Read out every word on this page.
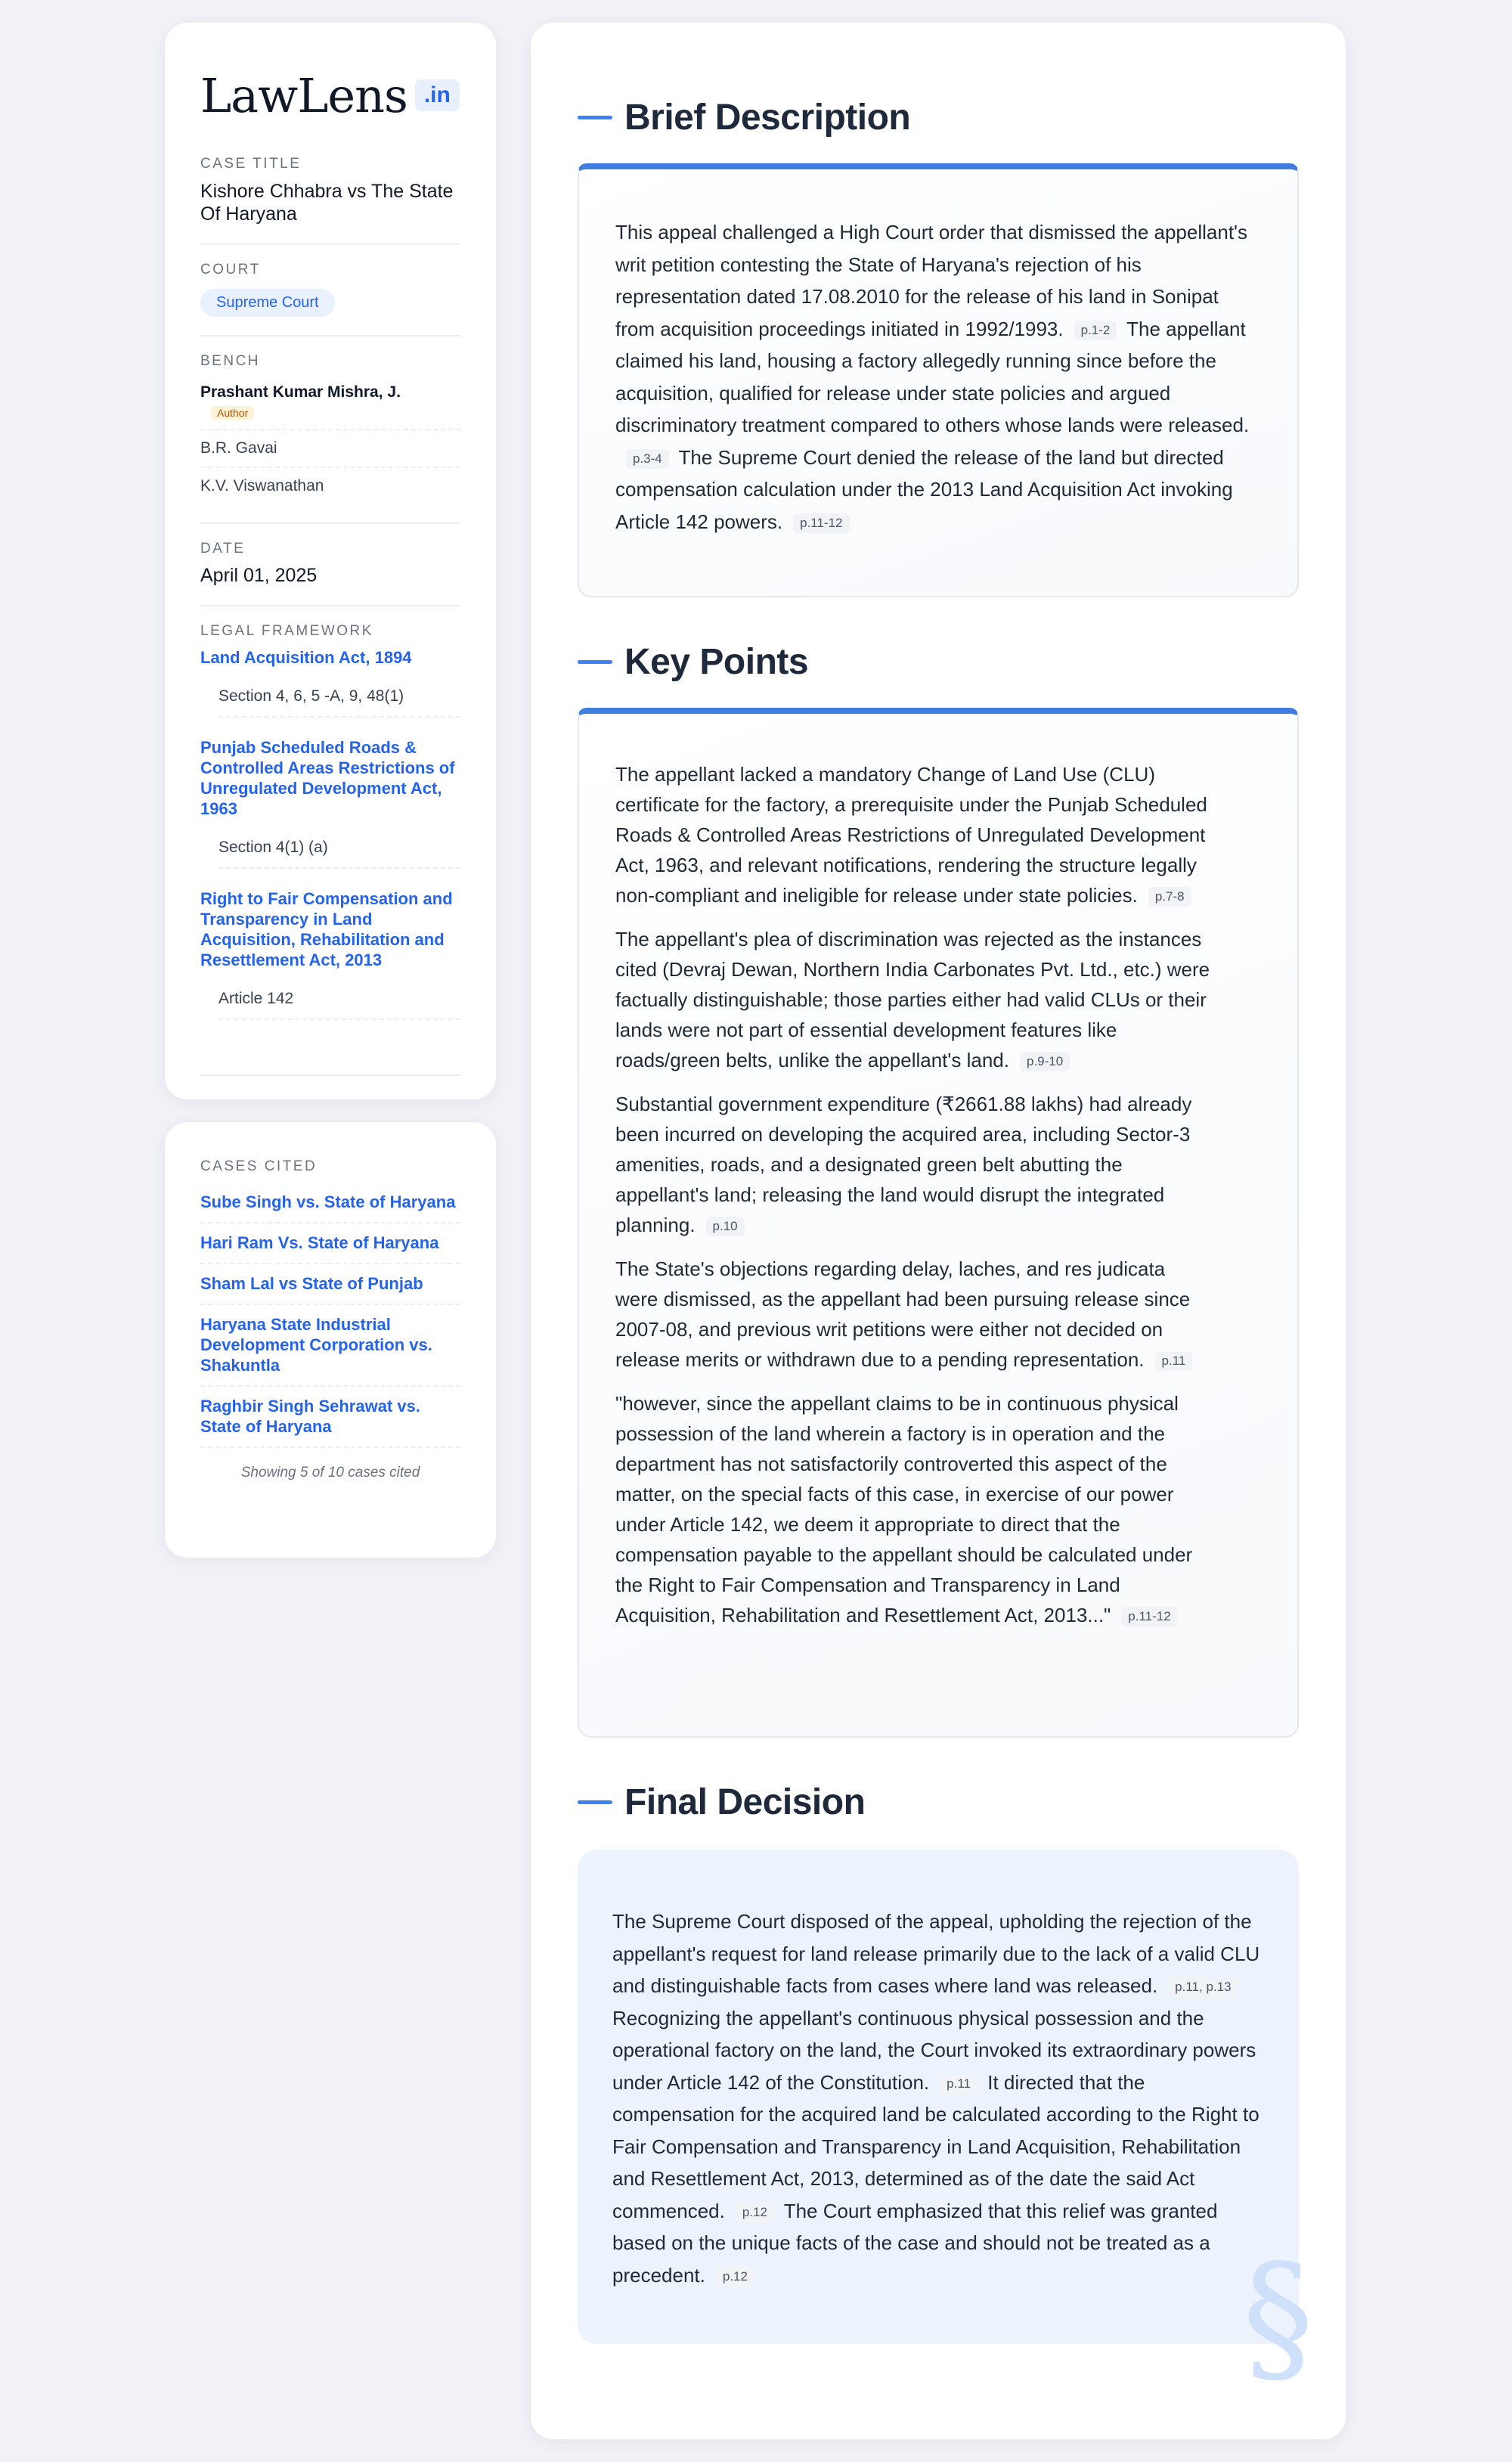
LawLens .in
CASE TITLE
Kishore Chhabra vs The State Of Haryana
COURT
Supreme Court
BENCH
Prashant Kumar Mishra, J.
Author
B.R. Gavai
K.V. Viswanathan
DATE
April 01, 2025
LEGAL FRAMEWORK
Land Acquisition Act, 1894
Section 4, 6, 5 -A, 9, 48(1)
Punjab Scheduled Roads & Controlled Areas Restrictions of Unregulated Development Act, 1963
Section 4(1) (a)
Right to Fair Compensation and Transparency in Land Acquisition, Rehabilitation and Resettlement Act, 2013
Article 142
CASES CITED
Sube Singh vs. State of Haryana
Hari Ram Vs. State of Haryana
Sham Lal vs State of Punjab
Haryana State Industrial Development Corporation vs. Shakuntla
Raghbir Singh Sehrawat vs. State of Haryana
Showing 5 of 10 cases cited
Brief Description
This appeal challenged a High Court order that dismissed the appellant's writ petition contesting the State of Haryana's rejection of his representation dated 17.08.2010 for the release of his land in Sonipat from acquisition proceedings initiated in 1992/1993. p.1-2 The appellant claimed his land, housing a factory allegedly running since before the acquisition, qualified for release under state policies and argued discriminatory treatment compared to others whose lands were released.p.3-4 The Supreme Court denied the release of the land but directed compensation calculation under the 2013 Land Acquisition Act invoking Article 142 powers. p.11-12
Key Points

The appellant lacked a mandatory Change of Land Use (CLU) certificate for the factory, a prerequisite under the Punjab Scheduled Roads & Controlled Areas Restrictions of Unregulated Development Act, 1963, and relevant notifications, rendering the structure legally non-compliant and ineligible for release under state policies. p.7-8

The appellant's plea of discrimination was rejected as the instances cited (Devraj Dewan, Northern India Carbonates Pvt. Ltd., etc.) were factually distinguishable; those parties either had valid CLUs or their lands were not part of essential development features like roads/green belts, unlike the appellant's land. p.9-10

Substantial government expenditure (₹2661.88 lakhs) had already been incurred on developing the acquired area, including Sector-3 amenities, roads, and a designated green belt abutting the appellant's land; releasing the land would disrupt the integrated planning. p.10

The State's objections regarding delay, laches, and res judicata were dismissed, as the appellant had been pursuing release since 2007-08, and previous writ petitions were either not decided on release merits or withdrawn due to a pending representation. p.11

"however, since the appellant claims to be in continuous physical possession of the land wherein a factory is in operation and the department has not satisfactorily controverted this aspect of the matter, on the special facts of this case, in exercise of our power under Article 142, we deem it appropriate to direct that the compensation payable to the appellant should be calculated under the Right to Fair Compensation and Transparency in Land Acquisition, Rehabilitation and Resettlement Act, 2013..." p.11-12

Final Decision
The Supreme Court disposed of the appeal, upholding the rejection of the appellant's request for land release primarily due to the lack of a valid CLU and distinguishable facts from cases where land was released. p.11, p.13 Recognizing the appellant's continuous physical possession and the operational factory on the land, the Court invoked its extraordinary powers under Article 142 of the Constitution. p.11 It directed that the compensation for the acquired land be calculated according to the Right to Fair Compensation and Transparency in Land Acquisition, Rehabilitation and Resettlement Act, 2013, determined as of the date the said Act commenced. p.12 The Court emphasized that this relief was granted based on the unique facts of the case and should not be treated as a precedent. p.12	§
